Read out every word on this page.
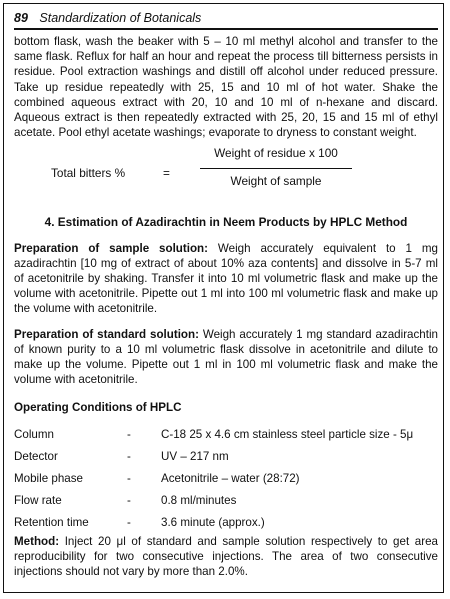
89 Standardization of Botanicals

bottom flask, wash the beaker with 5 – 10 ml methyl alcohol and transfer to the same flask. Reflux for half an hour and repeat the process till bitterness persists in residue. Pool extraction washings and distill off alcohol under reduced pressure. Take up residue repeatedly with 25, 15 and 10 ml of hot water. Shake the combined aqueous extract with 20, 10 and 10 ml of n-hexane and discard. Aqueous extract is then repeatedly extracted with 25, 20, 15 and 15 ml of ethyl acetate. Pool ethyl acetate washings; evaporate to dryness to constant weight.

Total bitters %	=
Weight of residue x 100
Weight of sample
4. Estimation of Azadirachtin in Neem Products by HPLC Method

Preparation of sample solution: Weigh accurately equivalent to 1 mg azadirachtin [10 mg of extract of about 10% aza contents] and dissolve in 5-7 ml of acetonitrile by shaking. Transfer it into 10 ml volumetric flask and make up the volume with acetonitrile. Pipette out 1 ml into 100 ml volumetric flask and make up the volume with acetonitrile.

Preparation of standard solution: Weigh accurately 1 mg standard azadirachtin of known purity to a 10 ml volumetric flask dissolve in acetonitrile and dilute to make up the volume. Pipette out 1 ml in 100 ml volumetric flask and make the volume with acetonitrile.

Operating Conditions of HPLC
Column	-	C-18 25 x 4.6 cm stainless steel particle size - 5μ
Detector	-	UV – 217 nm
Mobile phase	-	Acetonitrile – water (28:72)
Flow rate	-	0.8 ml/minutes
Retention time	-	3.6 minute (approx.)

Method: Inject 20 μl of standard and sample solution respectively to get area reproducibility for two consecutive injections. The area of two consecutive injections should not vary by more than 2.0%.
